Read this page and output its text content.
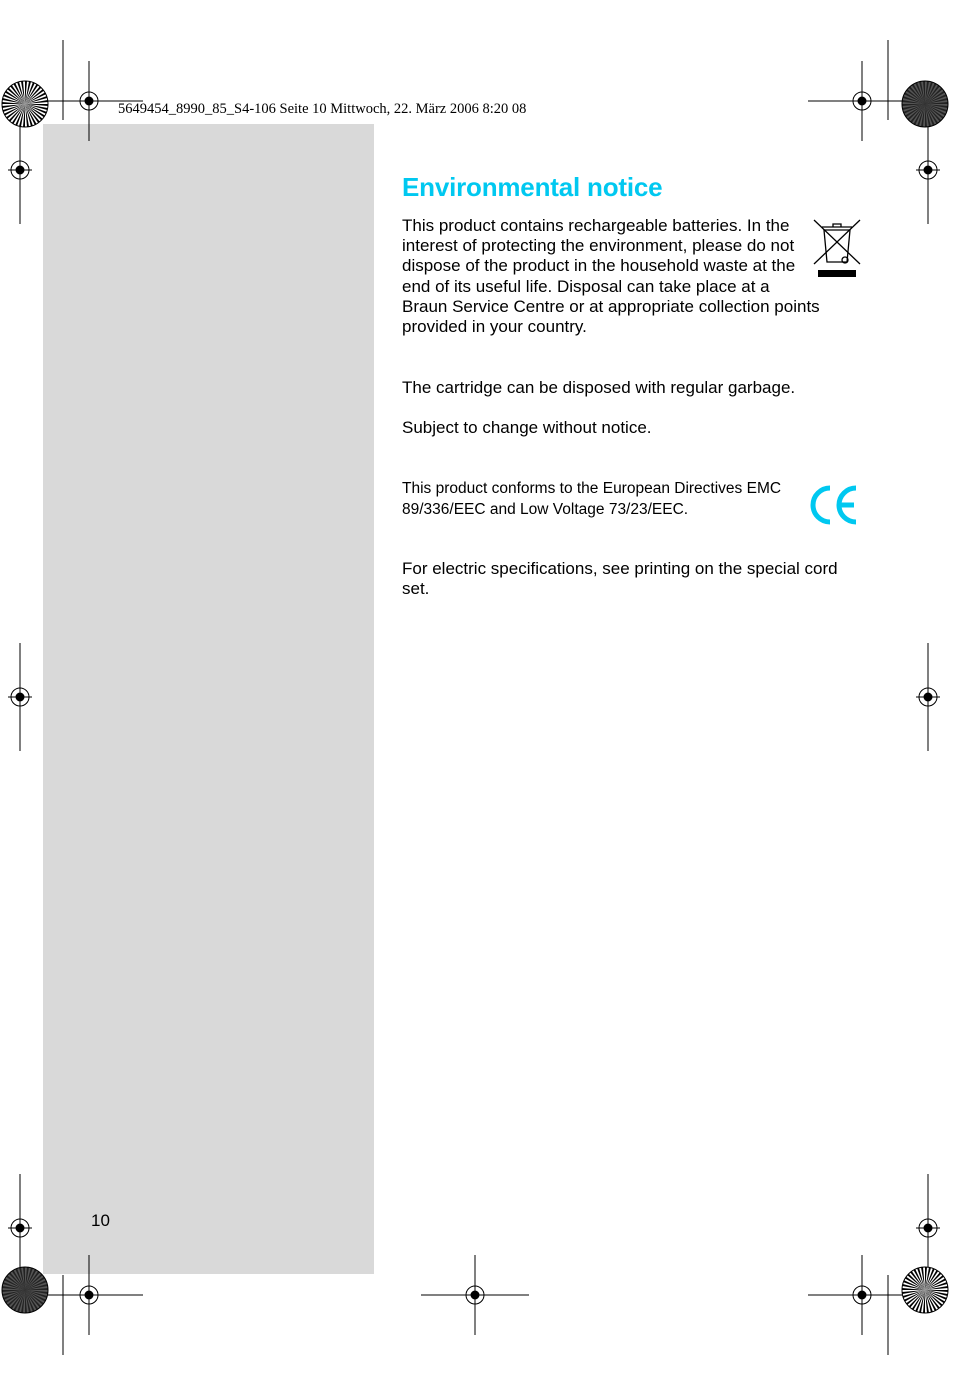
5649454_8990_85_S4-106 Seite 10 Mittwoch, 22. März 2006 8:20 08
Environmental notice
This product contains rechargeable batteries. In the interest of protecting the environment, please do not dispose of the product in the household waste at the end of its useful life. Disposal can take place at a Braun Service Centre or at appropriate collection points provided in your country.

The cartridge can be disposed with regular garbage.

Subject to change without notice.

This product conforms to the European Directives EMC 89/336/EEC and Low Voltage 73/23/EEC.

For electric specifications, see printing on the special cord set.

10
